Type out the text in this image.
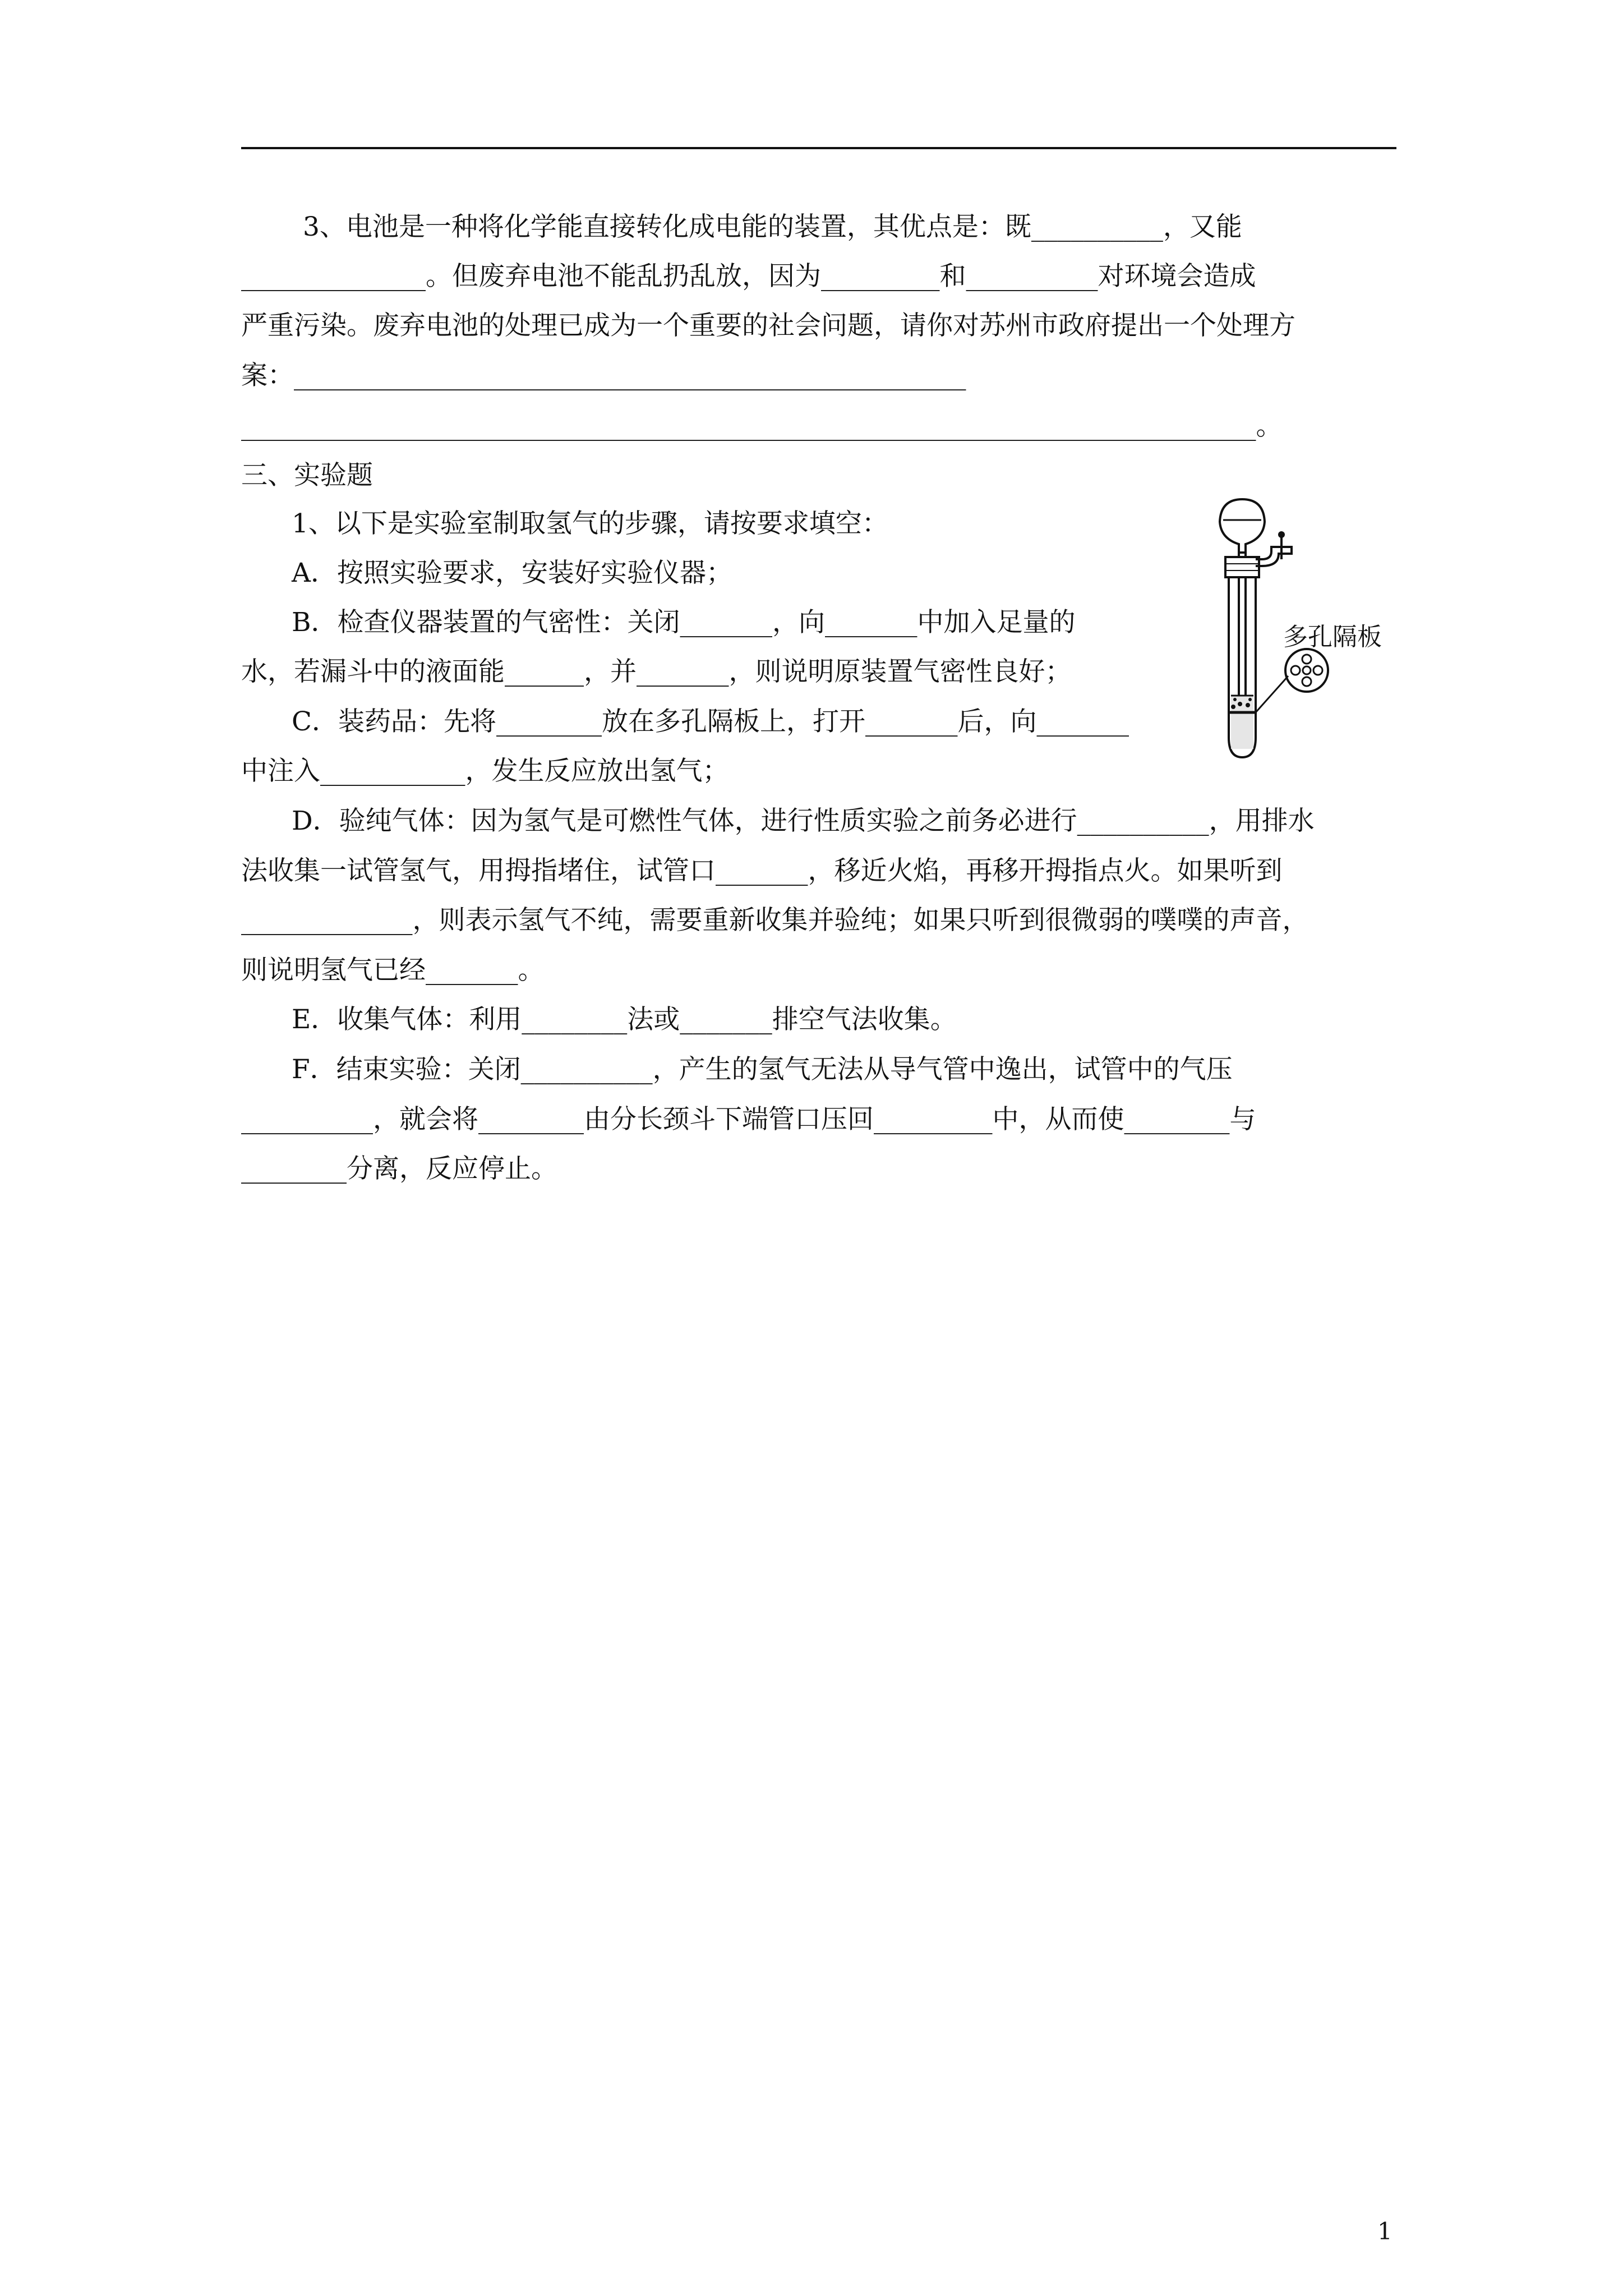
3、电池是一种将化学能直接转化成电能的装置，其优点是：既__________，又能
______________。但废弃电池不能乱扔乱放，因为_________和__________对环境会造成
严重污染。废弃电池的处理已成为一个重要的社会问题，请你对苏州市政府提出一个处理方
案：___________________________________________________
_____________________________________________________________________________。
三、实验题
1、以下是实验室制取氢气的步骤，请按要求填空：
A．按照实验要求，安装好实验仪器；
B．检查仪器装置的气密性：关闭_______，向_______中加入足量的
水，若漏斗中的液面能______，并_______，则说明原装置气密性良好；
C．装药品：先将________放在多孔隔板上，打开_______后，向_______
中注入___________，发生反应放出氢气；
D．验纯气体：因为氢气是可燃性气体，进行性质实验之前务必进行__________，用排水
法收集一试管氢气，用拇指堵住，试管口_______，移近火焰，再移开拇指点火。如果听到
_____________，则表示氢气不纯，需要重新收集并验纯；如果只听到很微弱的噗噗的声音，
则说明氢气已经_______。
E．收集气体：利用________法或_______排空气法收集。
F．结束实验：关闭__________，产生的氢气无法从导气管中逸出，试管中的气压
__________，就会将________由分长颈斗下端管口压回_________中，从而使________与
________分离，反应停止。
多孔隔板
1
